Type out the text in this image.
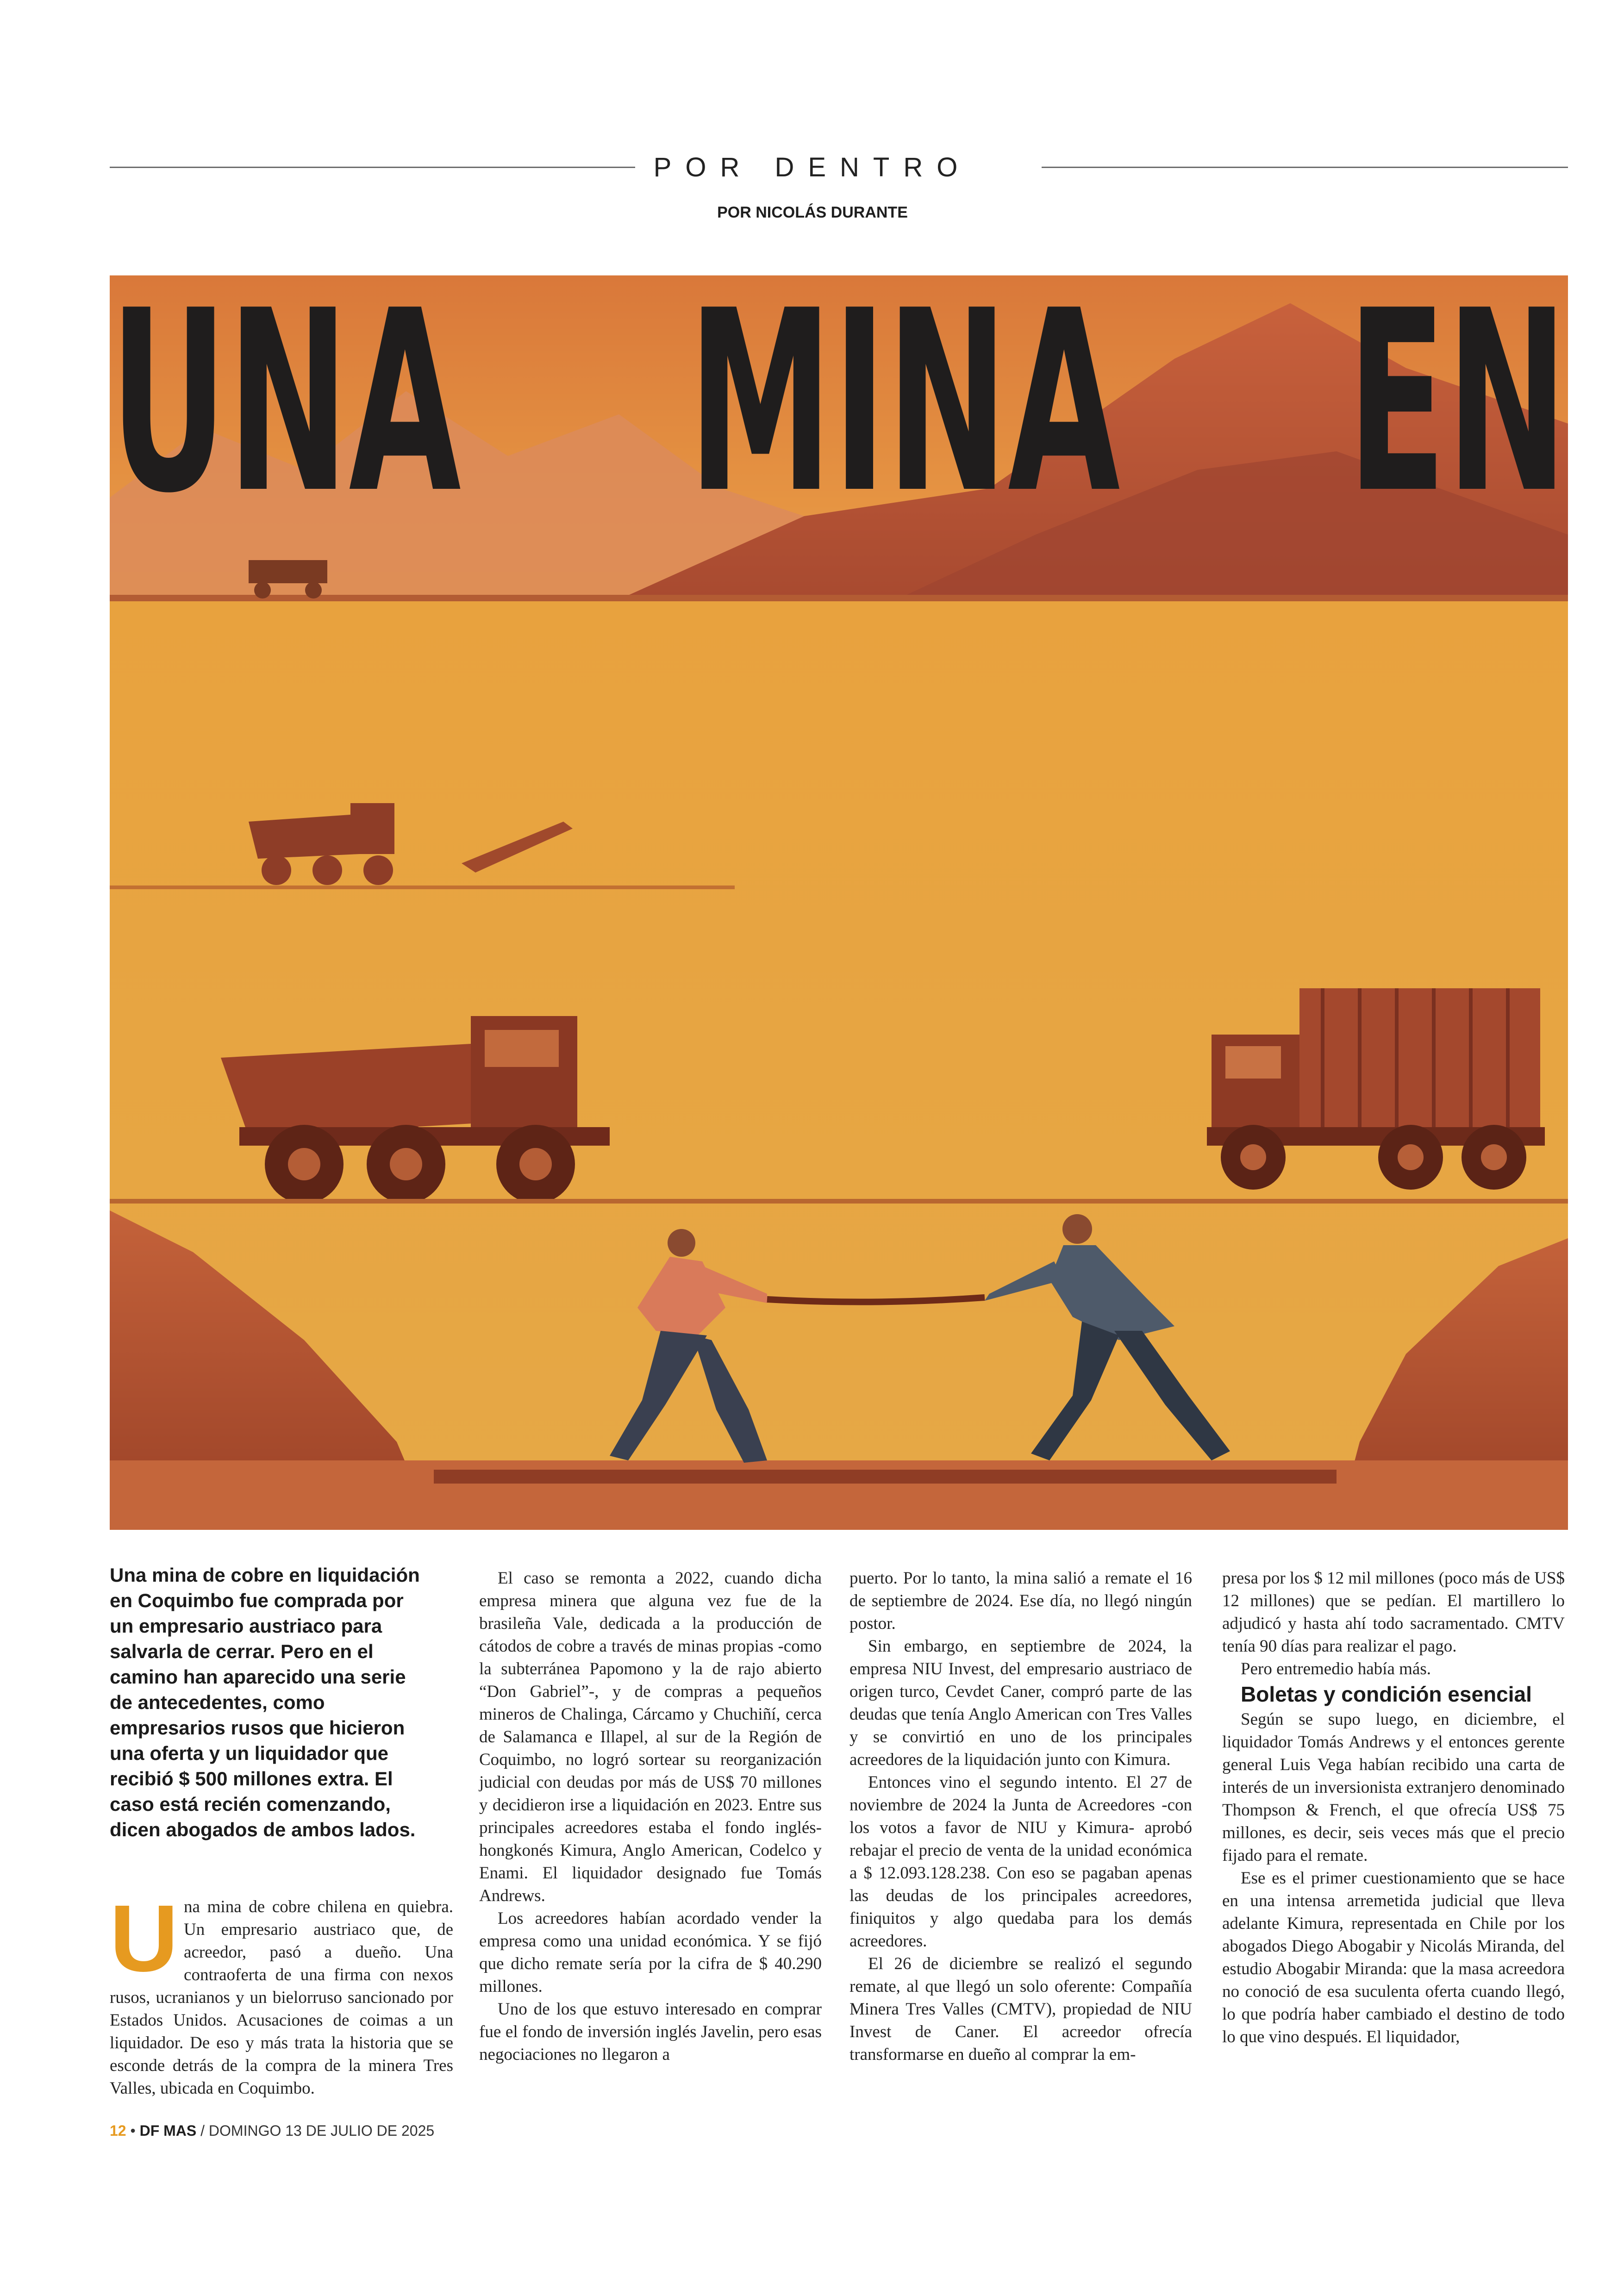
POR DENTRO
POR NICOLÁS DURANTE
UNA MINA EN
Una mina de cobre en liquidación en Coquimbo fue comprada por un empresario austriaco para salvarla de cerrar. Pero en el camino han aparecido una serie de antecedentes, como empresarios rusos que hicieron una oferta y un liquidador que recibió $ 500 millones extra. El caso está recién comenzando, dicen abogados de ambos lados.
U na mina de cobre chilena en quiebra. Un empresario austriaco que, de acreedor, pasó a dueño. Una contraoferta de una firma con nexos rusos, ucranianos y un bielorruso sancionado por Estados Unidos. Acusaciones de coimas a un liquidador. De eso y más trata la historia que se esconde detrás de la compra de la minera Tres Valles, ubicada en Coquimbo.

El caso se remonta a 2022, cuando dicha empresa minera que alguna vez fue de la brasileña Vale, dedicada a la producción de cátodos de cobre a través de minas propias -como la subterránea Papomono y la de rajo abierto “Don Gabriel”-, y de compras a pequeños mineros de Chalinga, Cárcamo y Chuchiñí, cerca de Salamanca e Illapel, al sur de la Región de Coquimbo, no logró sortear su reorganización judicial con deudas por más de US$ 70 millones y decidieron irse a liquidación en 2023. Entre sus principales acreedores estaba el fondo inglés-hongkonés Kimura, Anglo American, Codelco y Enami. El liquidador designado fue Tomás Andrews.

Los acreedores habían acordado vender la empresa como una unidad económica. Y se fijó que dicho remate sería por la cifra de $ 40.290 millones.

Uno de los que estuvo interesado en comprar fue el fondo de inversión inglés Javelin, pero esas negociaciones no llegaron a

puerto. Por lo tanto, la mina salió a remate el 16 de septiembre de 2024. Ese día, no llegó ningún postor.

Sin embargo, en septiembre de 2024, la empresa NIU Invest, del empresario austriaco de origen turco, Cevdet Caner, compró parte de las deudas que tenía Anglo American con Tres Valles y se convirtió en uno de los principales acreedores de la liquidación junto con Kimura.

Entonces vino el segundo intento. El 27 de noviembre de 2024 la Junta de Acreedores -con los votos a favor de NIU y Kimura- aprobó rebajar el precio de venta de la unidad económica a $ 12.093.128.238. Con eso se pagaban apenas las deudas de los principales acreedores, finiquitos y algo quedaba para los demás acreedores.

El 26 de diciembre se realizó el segundo remate, al que llegó un solo oferente: Compañía Minera Tres Valles (CMTV), propiedad de NIU Invest de Caner. El acreedor ofrecía transformarse en dueño al comprar la em-

presa por los $ 12 mil millones (poco más de US$ 12 millones) que se pedían. El martillero lo adjudicó y hasta ahí todo sacramentado. CMTV tenía 90 días para realizar el pago.

Pero entremedio había más.

Boletas y condición esencial

Según se supo luego, en diciembre, el liquidador Tomás Andrews y el entonces gerente general Luis Vega habían recibido una carta de interés de un inversionista extranjero denominado Thompson & French, el que ofrecía US$ 75 millones, es decir, seis veces más que el precio fijado para el remate.

Ese es el primer cuestionamiento que se hace en una intensa arremetida judicial que lleva adelante Kimura, representada en Chile por los abogados Diego Abogabir y Nicolás Miranda, del estudio Abogabir Miranda: que la masa acreedora no conoció de esa suculenta oferta cuando llegó, lo que podría haber cambiado el destino de todo lo que vino después. El liquidador,

12 • DF MAS / DOMINGO 13 DE JULIO DE 2025
